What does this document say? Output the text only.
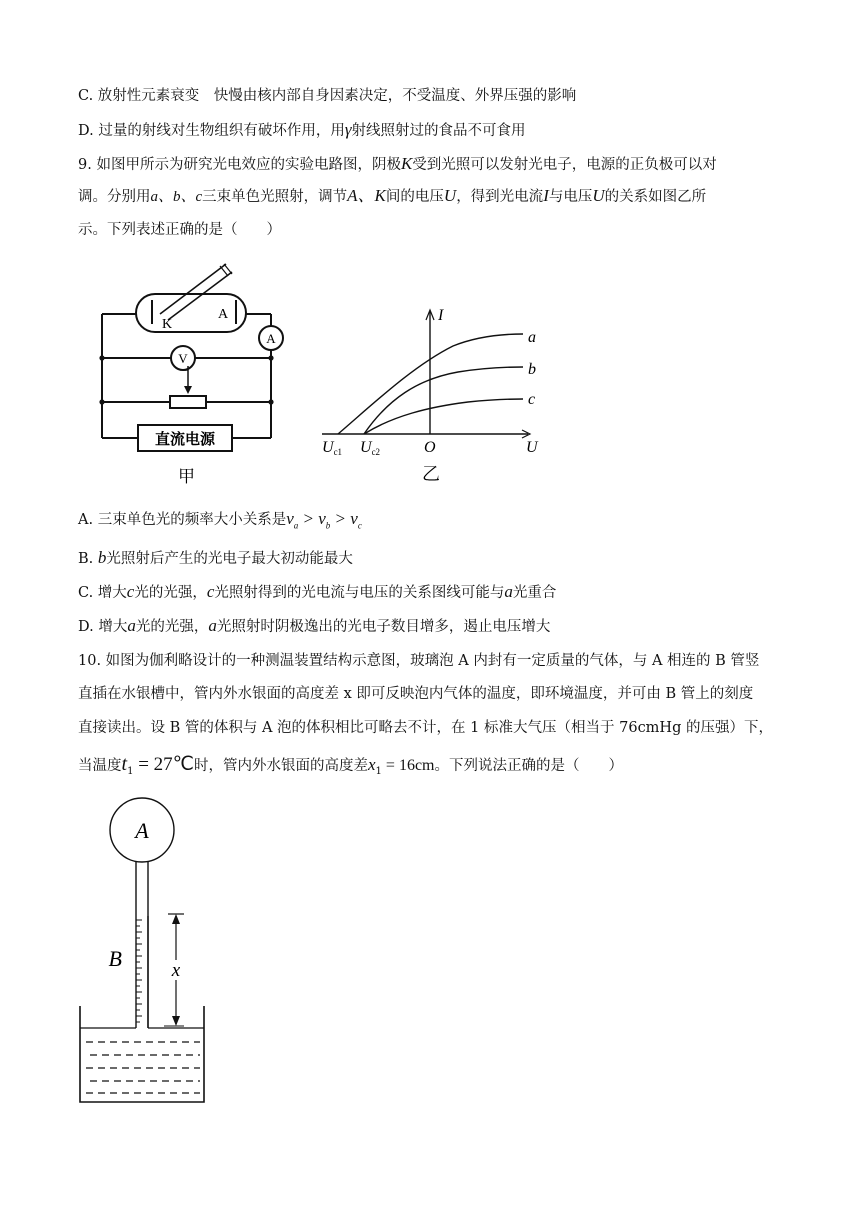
C. 放射性元素衰变　快慢由核内部自身因素决定，不受温度、外界压强的影响
D. 过量的射线对生物组织有破坏作用，用γ射线照射过的食品不可食用
9. 如图甲所示为研究光电效应的实验电路图，阴极K受到光照可以发射光电子，电源的正负极可以对
调。分别用a、b、c三束单色光照射，调节A、K间的电压U，得到光电流I与电压U的关系如图乙所
示。下列表述正确的是（　　）
K
A
A
V
直流电源
甲
I
U
O
Uc1 Uc2
a
b
c
乙
A. 三束单色光的频率大小关系是$\nu_a > \nu_b > \nu_c$
B. b光照射后产生的光电子最大初动能最大
C. 增大c光的光强，c光照射得到的光电流与电压的关系图线可能与a光重合
D. 增大a光的光强，a光照射时阴极逸出的光电子数目增多，遏止电压增大
10. 如图为伽利略设计的一种测温装置结构示意图，玻璃泡 A 内封有一定质量的气体，与 A 相连的 B 管竖
直插在水银槽中，管内外水银面的高度差 x 即可反映泡内气体的温度，即环境温度，并可由 B 管上的刻度
直接读出。设 B 管的体积与 A 泡的体积相比可略去不计，在 1 标准大气压（相当于 76cmHg 的压强）下，
当温度$t_1$ = 27℃时，管内外水银面的高度差$x_1 = 16cm$。下列说法正确的是（　　）
A
B	x
